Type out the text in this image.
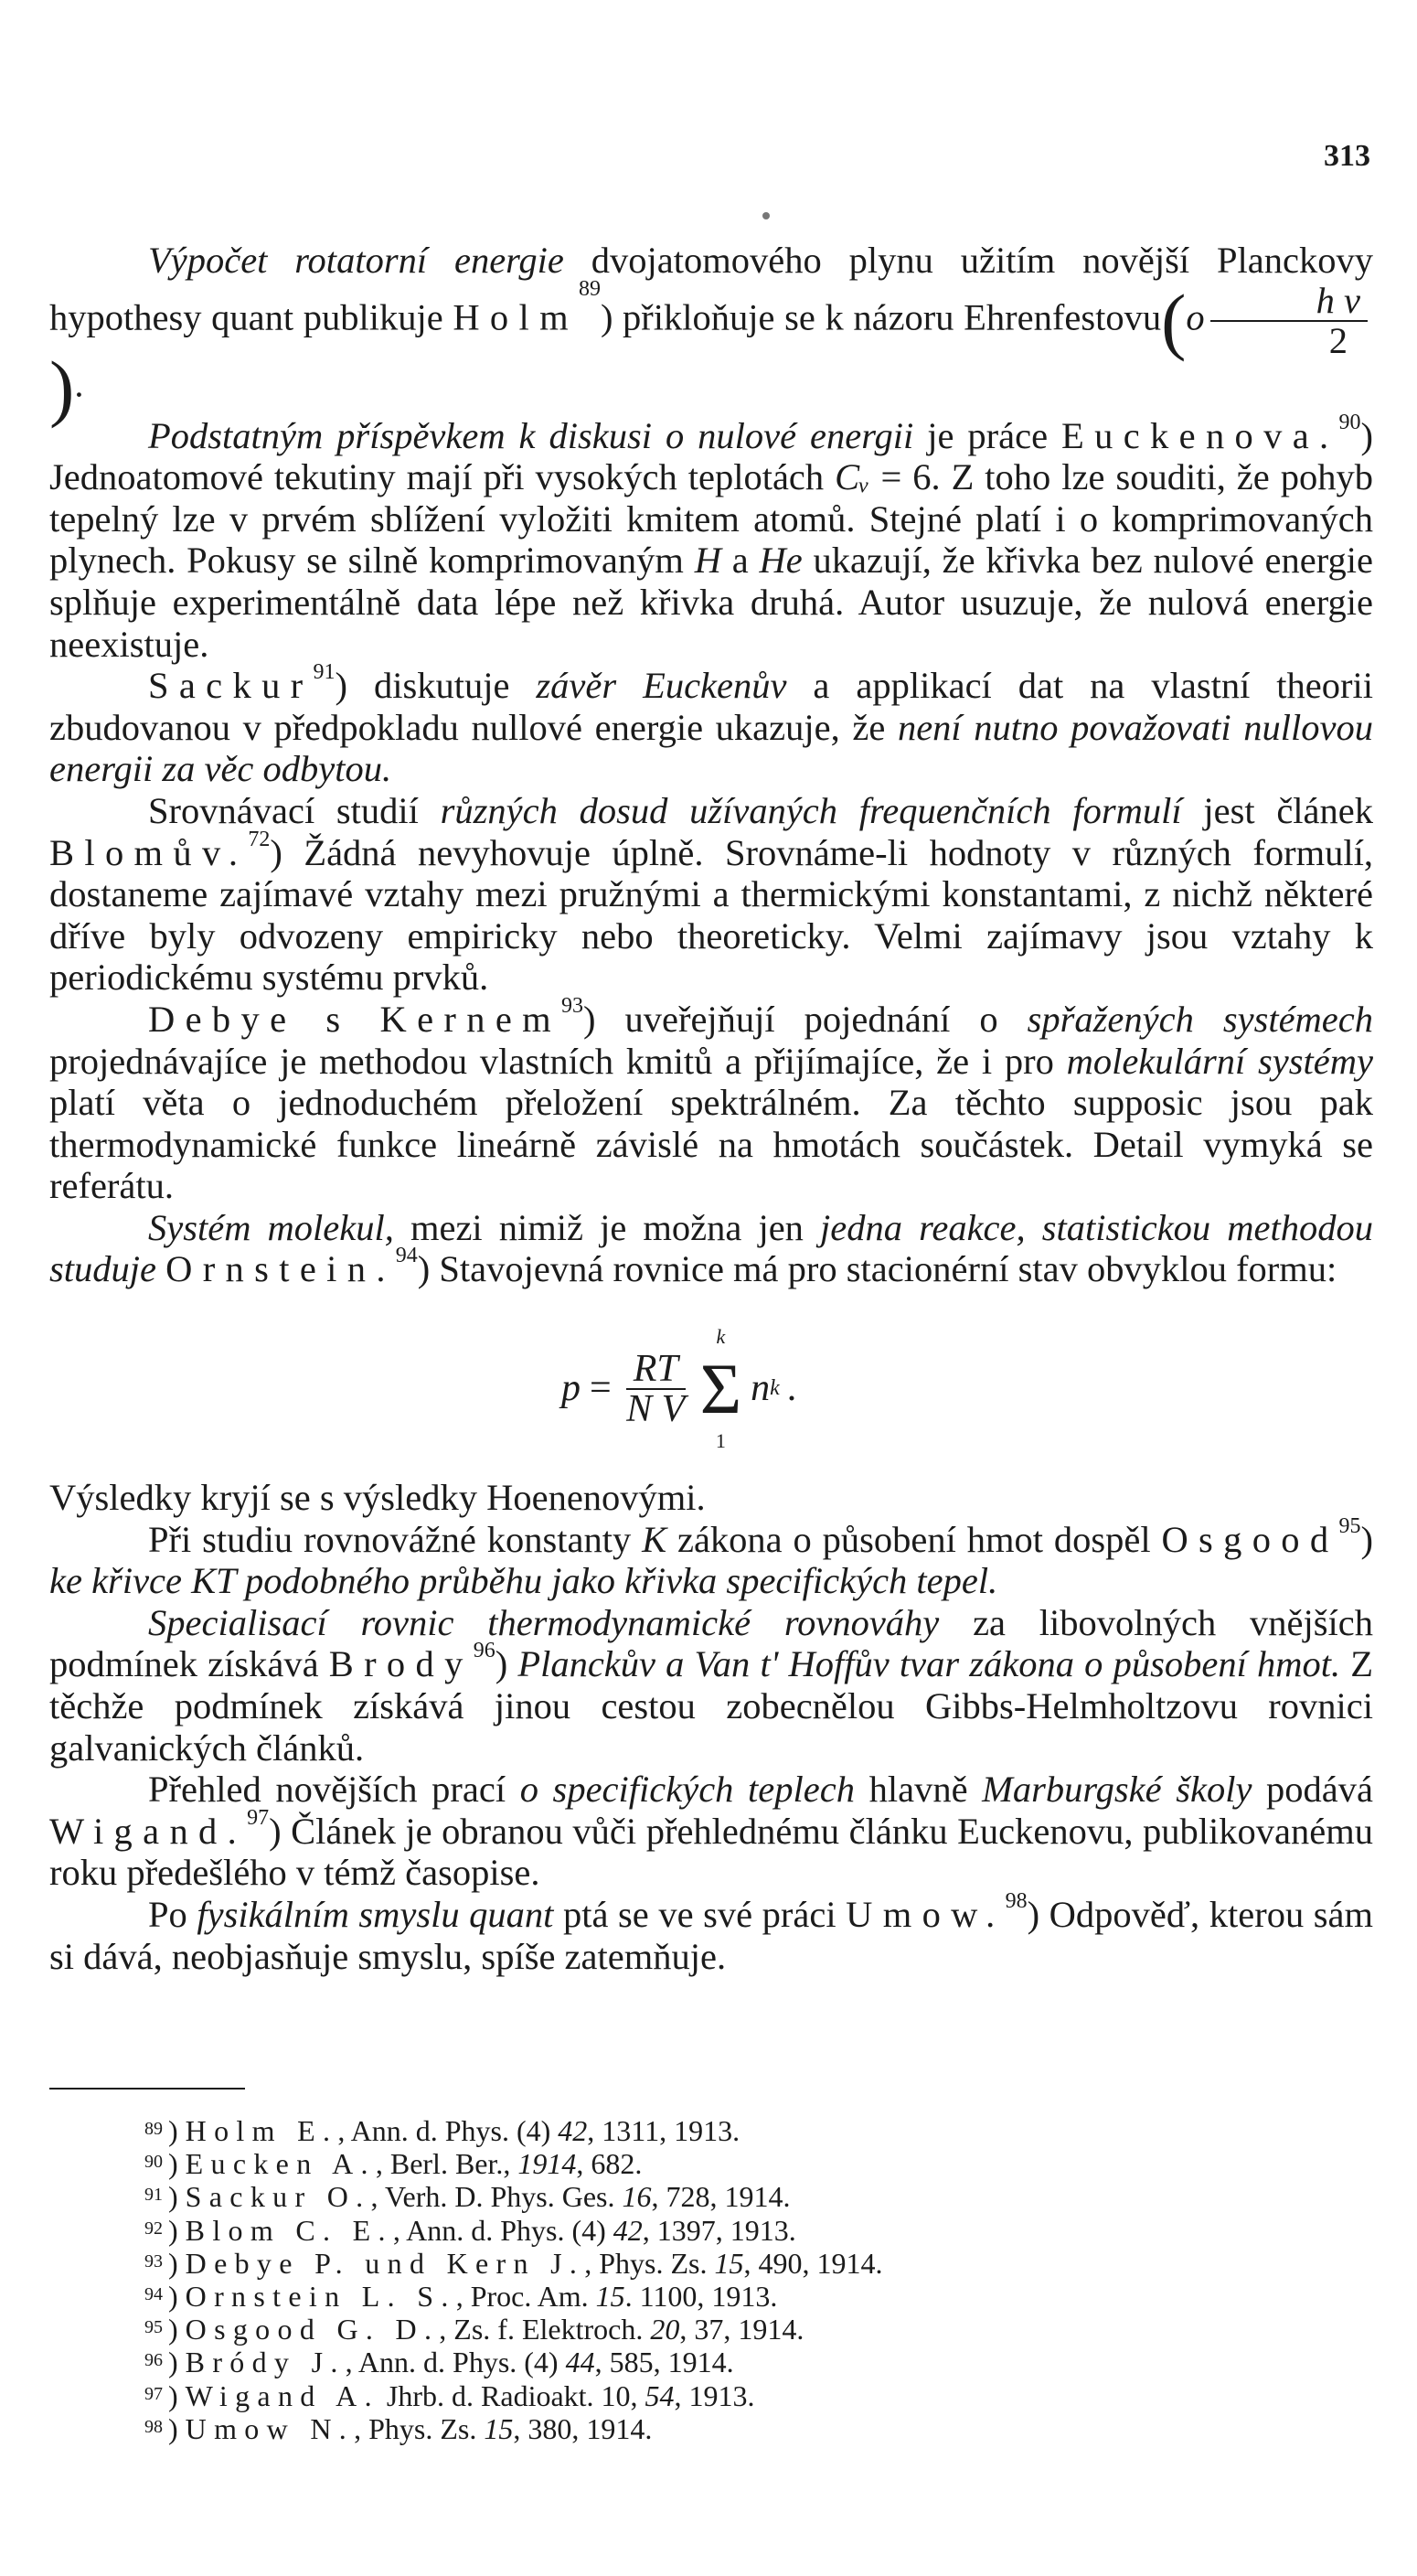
313

Výpočet rotatorní energie dvojatomového plynu užitím novější Planckovy hypothesy quant publikuje Holm$^{89}$) přikloňuje se k názoru Ehrenfestovu(o $\frac{\text{h ν}}{2}$
).

Podstatným příspěvkem k diskusi o nulové energii je práce Euckenova.$^{90}$) Jednoatomové tekutiny mají při vysokých teplotách Cᵥ = 6. Z toho lze souditi, že pohyb tepelný lze v prvém sblížení vyložiti kmitem atomů. Stejné platí i o komprimovaných plynech. Pokusy se silně komprimovaným H a He ukazují, že křivka bez nulové energie splňuje experimentálně data lépe než křivka druhá. Autor usuzuje, že nulová energie neexistuje.

Sackur$^{91}$) diskutuje závěr Euckenův a applikací dat na vlastní theorii zbudovanou v předpokladu nullové energie ukazuje, že není nutno považovati nullovou energii za věc odbytou.

Srovnávací studií různých dosud užívaných frequenčních formulí jest článek Blomův.$^{72}$) Žádná nevyhovuje úplně. Srovnáme-li hodnoty v různých formulí, dostaneme zajímavé vztahy mezi pružnými a thermickými konstantami, z nichž některé dříve byly odvozeny empiricky nebo theoreticky. Velmi zajímavy jsou vztahy k periodickému systému prvků.

Debye s Kernem$^{93}$) uveřejňují pojednání o spřažených systémech projednávajíce je methodou vlastních kmitů a přijímajíce, že i pro molekulární systémy platí věta o jednoduchém přeložení spektrálném. Za těchto supposic jsou pak thermodynamické funkce lineárně závislé na hmotách součástek. Detail vymyká se referátu.

Systém molekul, mezi nimiž je možna jen jedna reakce, statistickou methodou studuje Ornstein.$^{94}$) Stavojevná rovnice má pro stacionérní stav obvyklou formu:

$p = \frac{RT}{\text{N V}}$
k
Σ
1
n k .

Výsledky kryjí se s výsledky Hoenenovými.

Při studiu rovnovážné konstanty K zákona o působení hmot dospěl Osgood$^{95}$) ke křivce KT podobného průběhu jako křivka specifických tepel.

Specialisací rovnic thermodynamické rovnováhy za libovolných vnějších podmínek získává Brody$^{96}$) Planckův a Van t' Hoffův tvar zákona o působení hmot. Z těchže podmínek získává jinou cestou zobecnělou Gibbs-Helmholtzovu rovnici galvanických článků.

Přehled novějších prací o specifických teplech hlavně Marburgské školy podává Wigand.$^{97}$) Článek je obranou vůči přehlednému článku Euckenovu, publikovanému roku předešlého v témž časopise.

Po fysikálním smyslu quant ptá se ve své práci Umow.$^{98}$) Odpověď, kterou sám si dává, neobjasňuje smyslu, spíše zatemňuje.

$^{89}$ ) Holm E., Ann. d. Phys. (4) 42, 1311, 1913.
$^{90}$ ) Eucken A., Berl. Ber., 1914, 682.
$^{91}$ ) Sackur O., Verh. D. Phys. Ges. 16, 728, 1914.
$^{92}$ ) Blom C. E., Ann. d. Phys. (4) 42, 1397, 1913.
$^{93}$ ) Debye P. und Kern J., Phys. Zs. 15, 490, 1914.
$^{94}$ ) Ornstein L. S., Proc. Am. 15. 1100, 1913.
$^{95}$ ) Osgood G. D., Zs. f. Elektroch. 20, 37, 1914.
$^{96}$ ) Bródy J., Ann. d. Phys. (4) 44, 585, 1914.
$^{97}$ ) Wigand A. Jhrb. d. Radioakt. 10, 54, 1913.
$^{98}$ ) Umow N., Phys. Zs. 15, 380, 1914.
